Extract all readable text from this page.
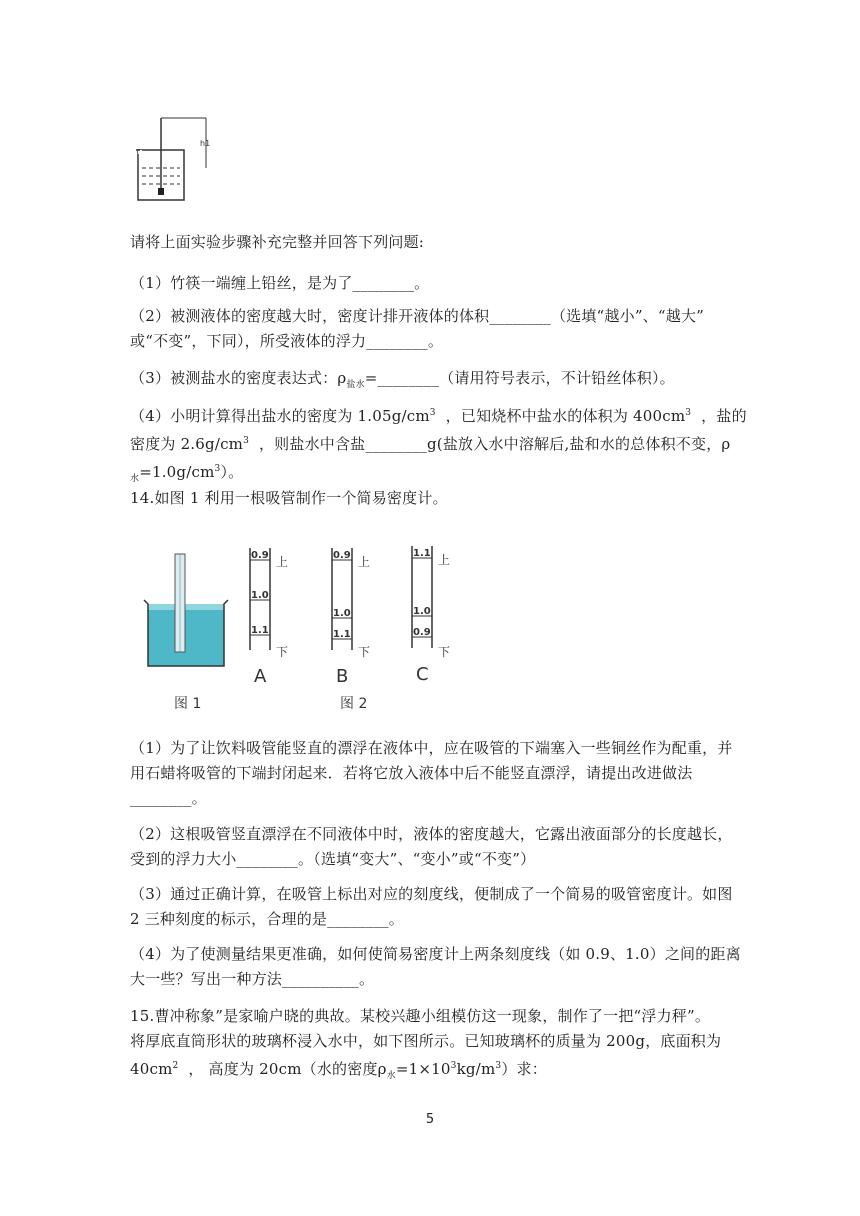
h1

请将上面实验步骤补充完整并回答下列问题:

（1）竹筷一端缠上铅丝，是为了________。

（2）被测液体的密度越大时，密度计排开液体的体积________（选填“越小”、“越大”
或“不变”，下同），所受液体的浮力________。

（3）被测盐水的密度表达式：$\rho_{盐水}=\_\_\_\_\_\_\_\_$（请用符号表示，不计铅丝体积）。

（4）小明计算得出盐水的密度为 $1.05g/cm^3$ ，已知烧杯中盐水的体积为 $400cm^3$ ，盐的
密度为 $2.6g/cm^3$ ，则盐水中含盐________g(盐放入水中溶解后,盐和水的总体积不变，ρ
$_水=1.0g/cm^3$）。

14.如图 1 利用一根吸管制作一个简易密度计。

图 1
0.9
1.0
1.1
上
下
A
0.9
1.0
1.1
上
下
B
1.1
1.0
0.9
上
下
C
图 2

（1）为了让饮料吸管能竖直的漂浮在液体中，应在吸管的下端塞入一些铜丝作为配重，并
用石蜡将吸管的下端封闭起来．若将它放入液体中后不能竖直漂浮，请提出改进做法
________。

（2）这根吸管竖直漂浮在不同液体中时，液体的密度越大，它露出液面部分的长度越长，
受到的浮力大小________。（选填“变大”、“变小”或“不变”）

（3）通过正确计算，在吸管上标出对应的刻度线，便制成了一个简易的吸管密度计。如图
2 三种刻度的标示，合理的是________。

（4）为了使测量结果更准确，如何使简易密度计上两条刻度线（如 0.9、1.0）之间的距离
大一些？写出一种方法__________。

15.曹冲称象”是家喻户晓的典故。某校兴趣小组模仿这一现象，制作了一把“浮力秤”。
将厚底直筒形状的玻璃杯浸入水中，如下图所示。已知玻璃杯的质量为 200g，底面积为
$40cm^2$ ， 高度为 20cm（水的密度$\rho_水=1\times 10^3kg/m^3$）求：

5
